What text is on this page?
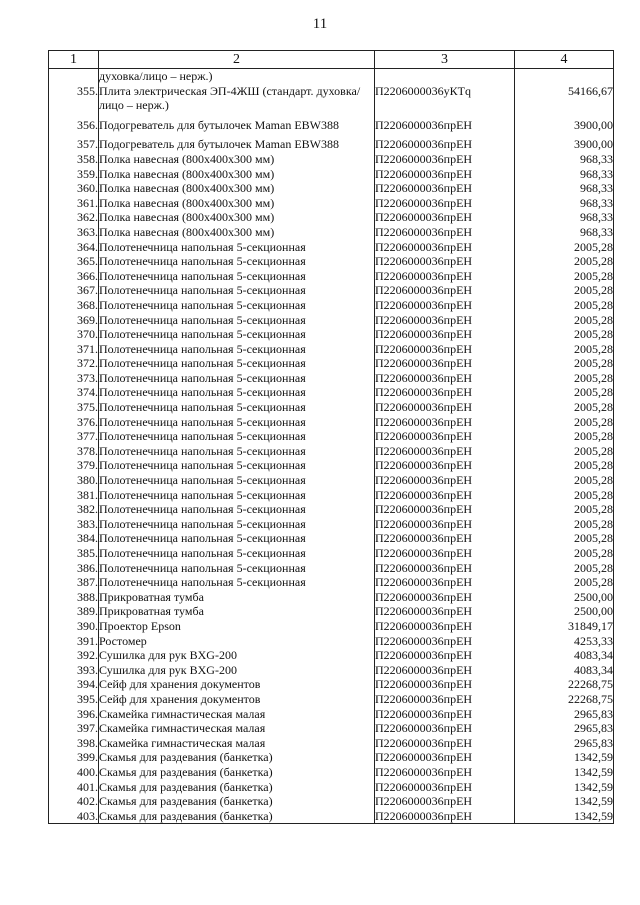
11
1	2	3	4
	духовка/лицо – нерж.)		
355.	Плита электрическая ЭП-4ЖШ (стандарт. духовка/лицо – нерж.)	П2206000036уКТq	54166,67

356.	Подогреватель для бутылочек Maman EBW388	П2206000036прЕН	3900,00

357.	Подогреватель для бутылочек Maman EBW388	П2206000036прЕН	3900,00
358.	Полка навесная (800х400х300 мм)	П2206000036прЕН	968,33
359.	Полка навесная (800х400х300 мм)	П2206000036прЕН	968,33
360.	Полка навесная (800х400х300 мм)	П2206000036прЕН	968,33
361.	Полка навесная (800х400х300 мм)	П2206000036прЕН	968,33
362.	Полка навесная (800х400х300 мм)	П2206000036прЕН	968,33
363.	Полка навесная (800х400х300 мм)	П2206000036прЕН	968,33
364.	Полотенечница напольная 5-секционная	П2206000036прЕН	2005,28
365.	Полотенечница напольная 5-секционная	П2206000036прЕН	2005,28
366.	Полотенечница напольная 5-секционная	П2206000036прЕН	2005,28
367.	Полотенечница напольная 5-секционная	П2206000036прЕН	2005,28
368.	Полотенечница напольная 5-секционная	П2206000036прЕН	2005,28
369.	Полотенечница напольная 5-секционная	П2206000036прЕН	2005,28
370.	Полотенечница напольная 5-секционная	П2206000036прЕН	2005,28
371.	Полотенечница напольная 5-секционная	П2206000036прЕН	2005,28
372.	Полотенечница напольная 5-секционная	П2206000036прЕН	2005,28
373.	Полотенечница напольная 5-секционная	П2206000036прЕН	2005,28
374.	Полотенечница напольная 5-секционная	П2206000036прЕН	2005,28
375.	Полотенечница напольная 5-секционная	П2206000036прЕН	2005,28
376.	Полотенечница напольная 5-секционная	П2206000036прЕН	2005,28
377.	Полотенечница напольная 5-секционная	П2206000036прЕН	2005,28
378.	Полотенечница напольная 5-секционная	П2206000036прЕН	2005,28
379.	Полотенечница напольная 5-секционная	П2206000036прЕН	2005,28
380.	Полотенечница напольная 5-секционная	П2206000036прЕН	2005,28
381.	Полотенечница напольная 5-секционная	П2206000036прЕН	2005,28
382.	Полотенечница напольная 5-секционная	П2206000036прЕН	2005,28
383.	Полотенечница напольная 5-секционная	П2206000036прЕН	2005,28
384.	Полотенечница напольная 5-секционная	П2206000036прЕН	2005,28
385.	Полотенечница напольная 5-секционная	П2206000036прЕН	2005,28
386.	Полотенечница напольная 5-секционная	П2206000036прЕН	2005,28
387.	Полотенечница напольная 5-секционная	П2206000036прЕН	2005,28
388.	Прикроватная тумба	П2206000036прЕН	2500,00
389.	Прикроватная тумба	П2206000036прЕН	2500,00
390.	Проектор Epson	П2206000036прЕН	31849,17
391.	Ростомер	П2206000036прЕН	4253,33
392.	Сушилка для рук BXG-200	П2206000036прЕН	4083,34
393.	Сушилка для рук BXG-200	П2206000036прЕН	4083,34
394.	Сейф для хранения документов	П2206000036прЕН	22268,75
395.	Сейф для хранения документов	П2206000036прЕН	22268,75
396.	Скамейка гимнастическая малая	П2206000036прЕН	2965,83
397.	Скамейка гимнастическая малая	П2206000036прЕН	2965,83
398.	Скамейка гимнастическая малая	П2206000036прЕН	2965,83
399.	Скамья для раздевания (банкетка)	П2206000036прЕН	1342,59
400.	Скамья для раздевания (банкетка)	П2206000036прЕН	1342,59
401.	Скамья для раздевания (банкетка)	П2206000036прЕН	1342,59
402.	Скамья для раздевания (банкетка)	П2206000036прЕН	1342,59
403.	Скамья для раздевания (банкетка)	П2206000036прЕН	1342,59
